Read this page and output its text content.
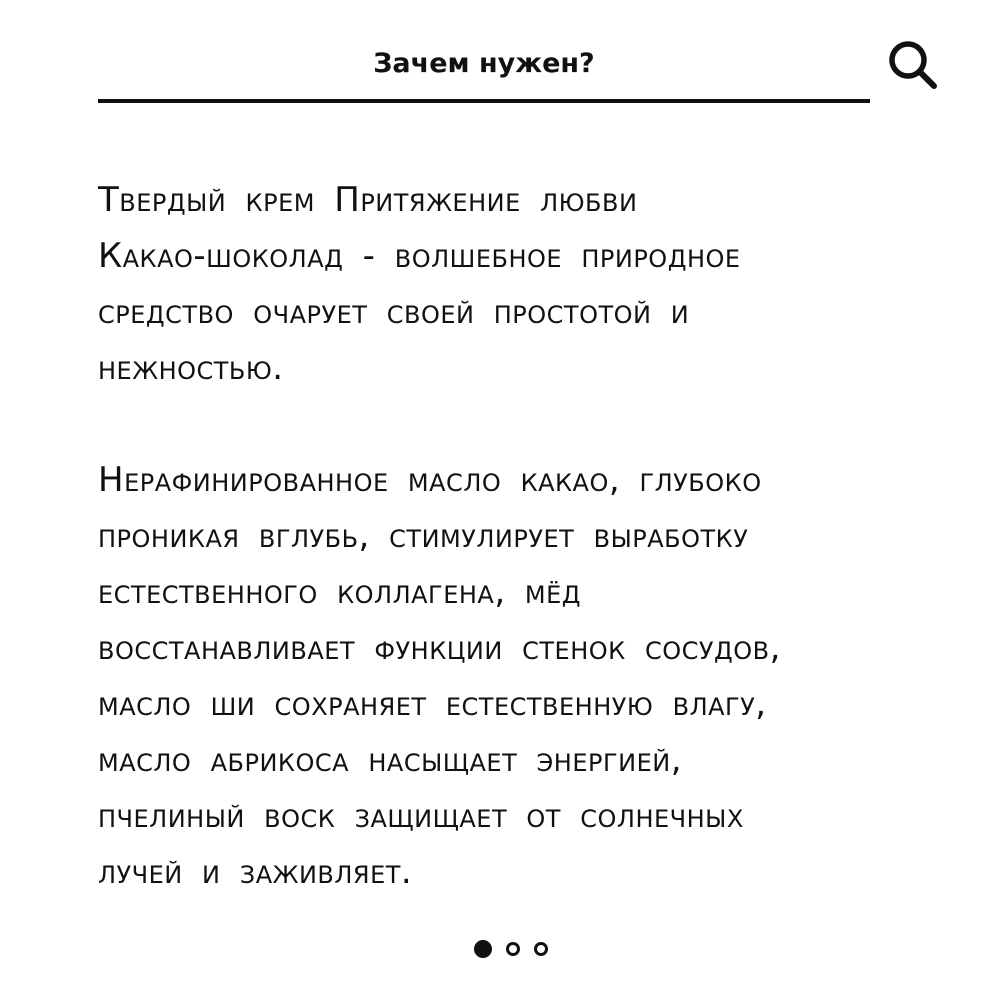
Зачем нужен?

Твердый крем Притяжение любви
Какао-шоколад - волшебное природное
средство очарует своей простотой и
нежностью.

Нерафинированное масло какао, глубоко
проникая вглубь, стимулирует выработку
естественного коллагена, мёд
восстанавливает функции стенок сосудов,
масло ши сохраняет естественную влагу,
масло абрикоса насыщает энергией,
пчелиный воск защищает от солнечных
лучей и заживляет.
